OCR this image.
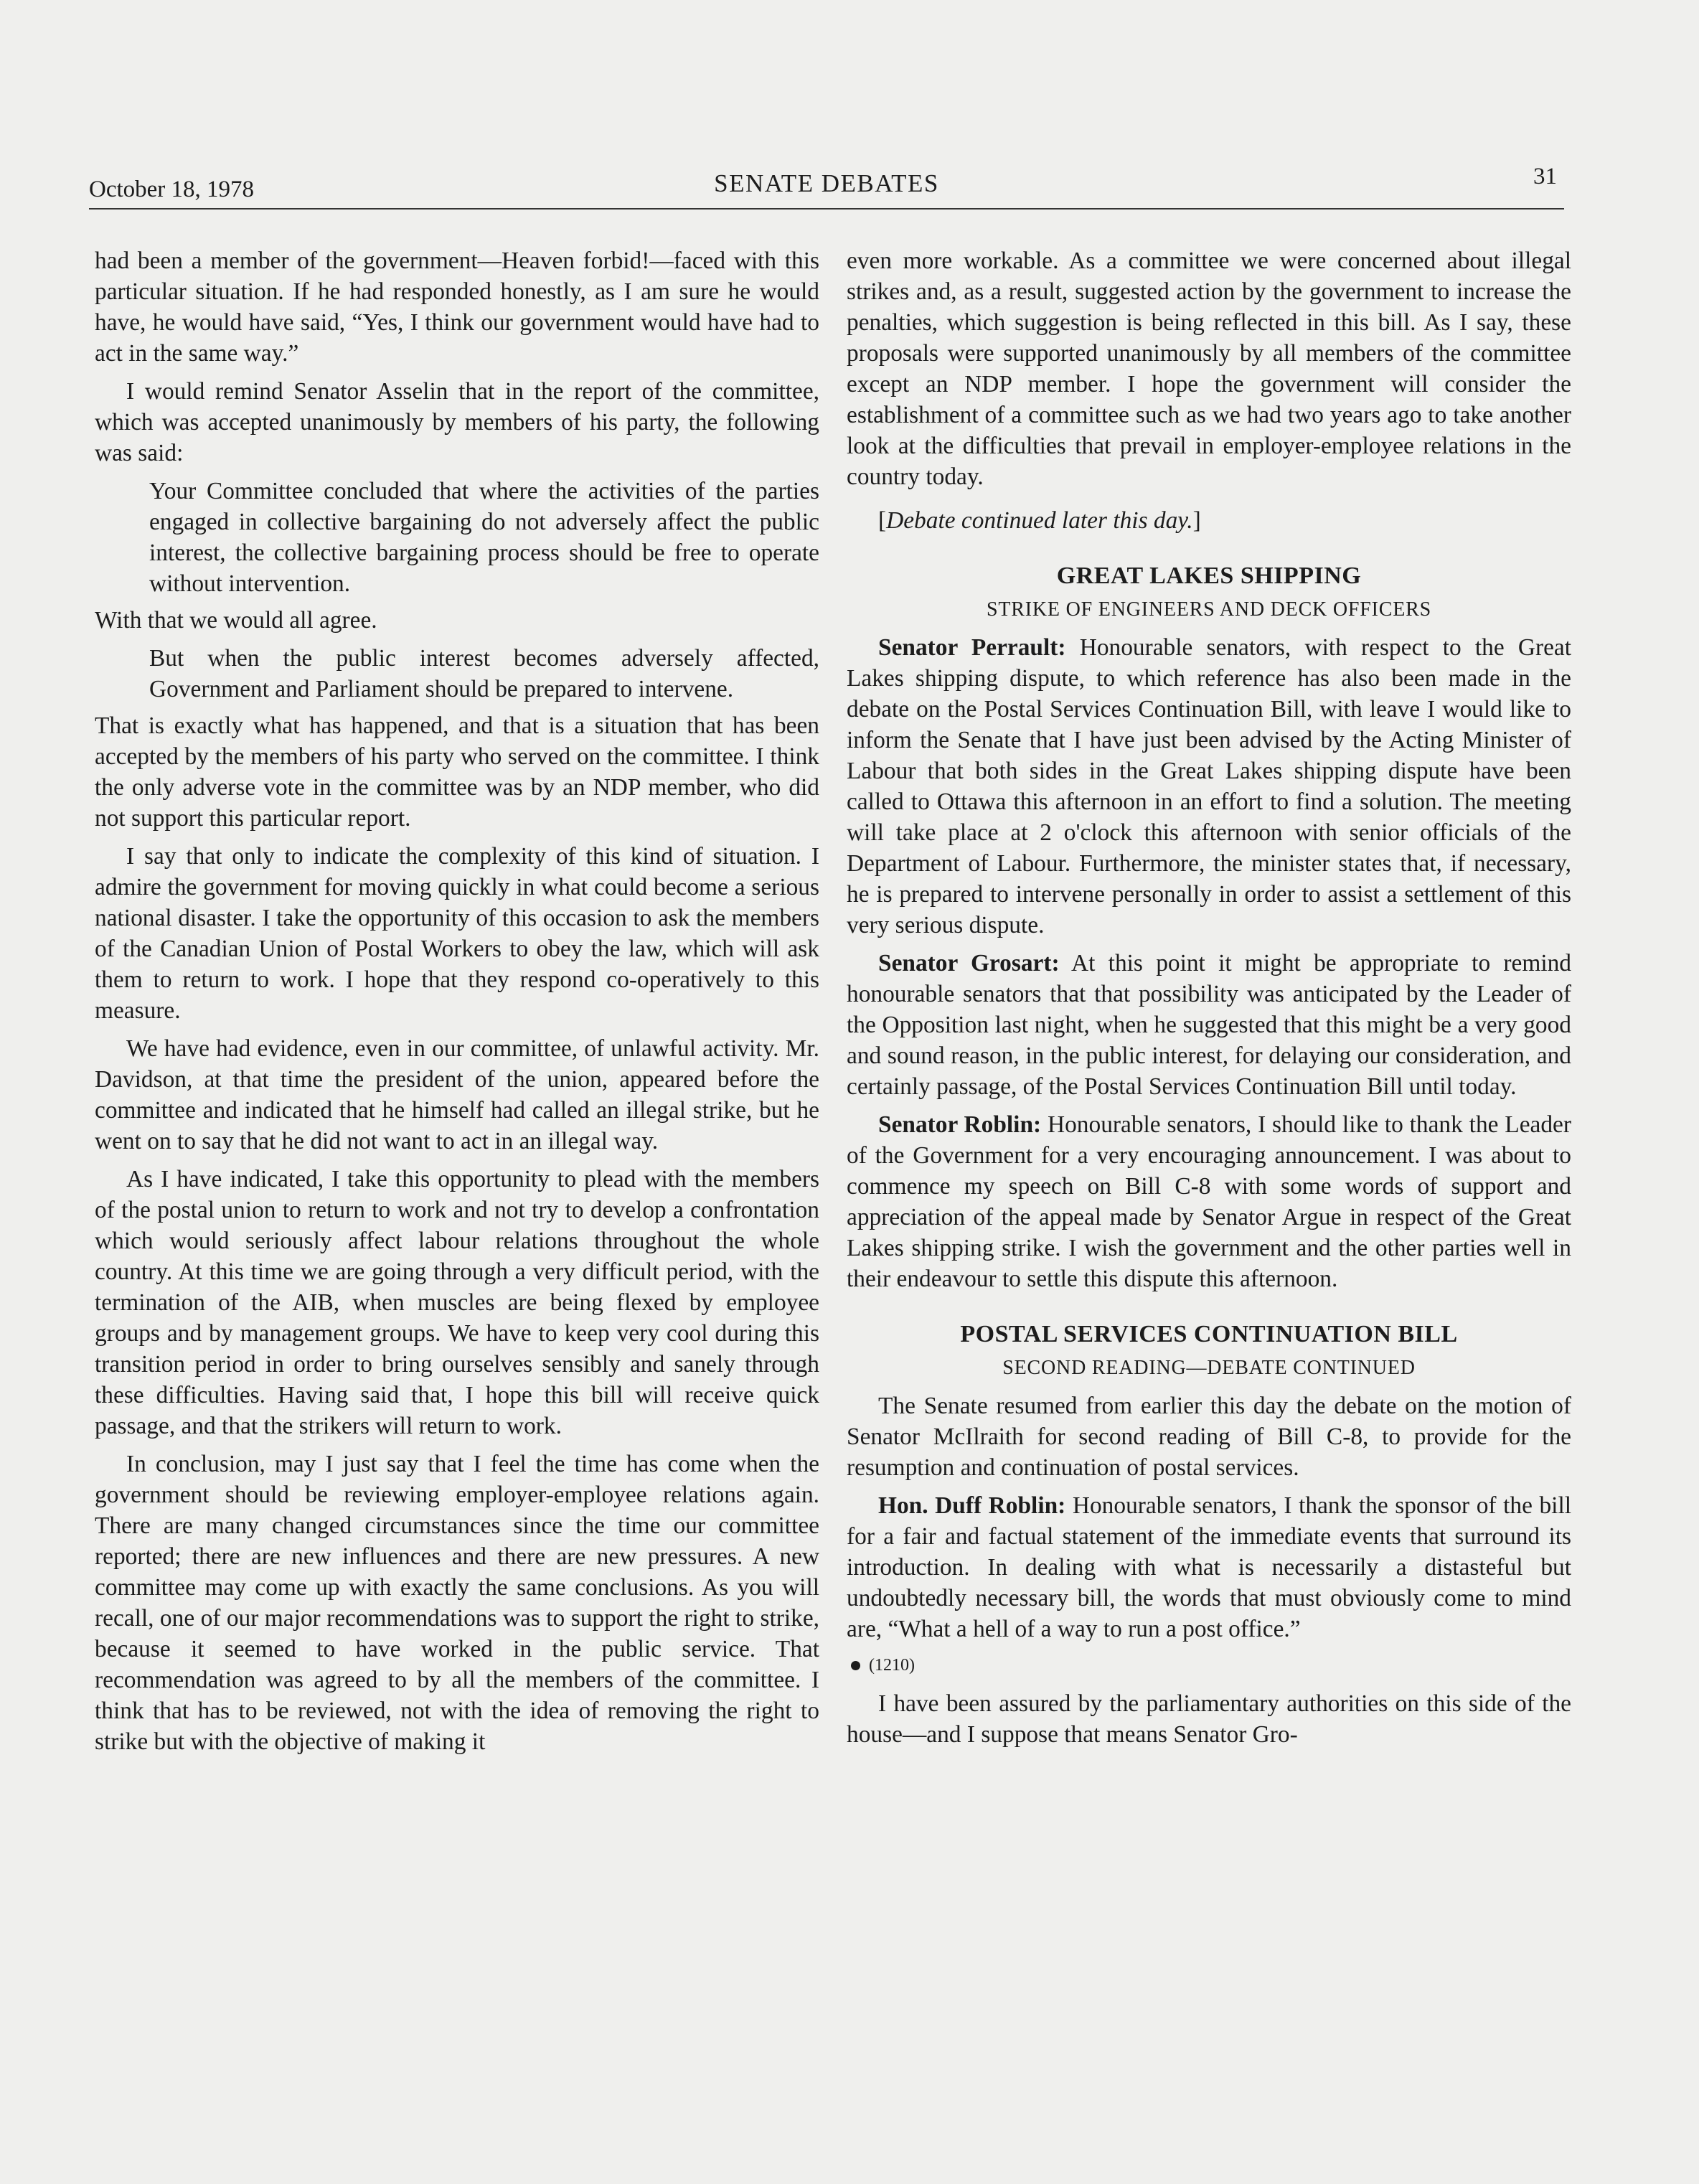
October 18, 1978	SENATE DEBATES	31

had been a member of the government—Heaven forbid!—faced with this particular situation. If he had responded honestly, as I am sure he would have, he would have said, “Yes, I think our government would have had to act in the same way.”

I would remind Senator Asselin that in the report of the committee, which was accepted unanimously by members of his party, the following was said:

Your Committee concluded that where the activities of the parties engaged in collective bargaining do not adversely affect the public interest, the collective bargaining process should be free to operate without intervention.

With that we would all agree.

But when the public interest becomes adversely affected, Government and Parliament should be prepared to intervene.

That is exactly what has happened, and that is a situation that has been accepted by the members of his party who served on the committee. I think the only adverse vote in the committee was by an NDP member, who did not support this particular report.

I say that only to indicate the complexity of this kind of situation. I admire the government for moving quickly in what could become a serious national disaster. I take the opportunity of this occasion to ask the members of the Canadian Union of Postal Workers to obey the law, which will ask them to return to work. I hope that they respond co-operatively to this measure.

We have had evidence, even in our committee, of unlawful activity. Mr. Davidson, at that time the president of the union, appeared before the committee and indicated that he himself had called an illegal strike, but he went on to say that he did not want to act in an illegal way.

As I have indicated, I take this opportunity to plead with the members of the postal union to return to work and not try to develop a confrontation which would seriously affect labour relations throughout the whole country. At this time we are going through a very difficult period, with the termination of the AIB, when muscles are being flexed by employee groups and by management groups. We have to keep very cool during this transition period in order to bring ourselves sensibly and sanely through these difficulties. Having said that, I hope this bill will receive quick passage, and that the strikers will return to work.

In conclusion, may I just say that I feel the time has come when the government should be reviewing employer-employee relations again. There are many changed circumstances since the time our committee reported; there are new influences and there are new pressures. A new committee may come up with exactly the same conclusions. As you will recall, one of our major recommendations was to support the right to strike, because it seemed to have worked in the public service. That recommendation was agreed to by all the members of the committee. I think that has to be reviewed, not with the idea of removing the right to strike but with the objective of making it

even more workable. As a committee we were concerned about illegal strikes and, as a result, suggested action by the government to increase the penalties, which suggestion is being reflected in this bill. As I say, these proposals were supported unanimously by all members of the committee except an NDP member. I hope the government will consider the establishment of a committee such as we had two years ago to take another look at the difficulties that prevail in employer-employee relations in the country today.

[Debate continued later this day.]

GREAT LAKES SHIPPING

STRIKE OF ENGINEERS AND DECK OFFICERS

Senator Perrault: Honourable senators, with respect to the Great Lakes shipping dispute, to which reference has also been made in the debate on the Postal Services Continuation Bill, with leave I would like to inform the Senate that I have just been advised by the Acting Minister of Labour that both sides in the Great Lakes shipping dispute have been called to Ottawa this afternoon in an effort to find a solution. The meeting will take place at 2 o'clock this afternoon with senior officials of the Department of Labour. Furthermore, the minister states that, if necessary, he is prepared to intervene personally in order to assist a settlement of this very serious dispute.

Senator Grosart: At this point it might be appropriate to remind honourable senators that that possibility was anticipated by the Leader of the Opposition last night, when he suggested that this might be a very good and sound reason, in the public interest, for delaying our consideration, and certainly passage, of the Postal Services Continuation Bill until today.

Senator Roblin: Honourable senators, I should like to thank the Leader of the Government for a very encouraging announcement. I was about to commence my speech on Bill C-8 with some words of support and appreciation of the appeal made by Senator Argue in respect of the Great Lakes shipping strike. I wish the government and the other parties well in their endeavour to settle this dispute this afternoon.

POSTAL SERVICES CONTINUATION BILL

SECOND READING—DEBATE CONTINUED

The Senate resumed from earlier this day the debate on the motion of Senator McIlraith for second reading of Bill C-8, to provide for the resumption and continuation of postal services.

Hon. Duff Roblin: Honourable senators, I thank the sponsor of the bill for a fair and factual statement of the immediate events that surround its introduction. In dealing with what is necessarily a distasteful but undoubtedly necessary bill, the words that must obviously come to mind are, “What a hell of a way to run a post office.”

(1210)

I have been assured by the parliamentary authorities on this side of the house—and I suppose that means Senator Gro-
